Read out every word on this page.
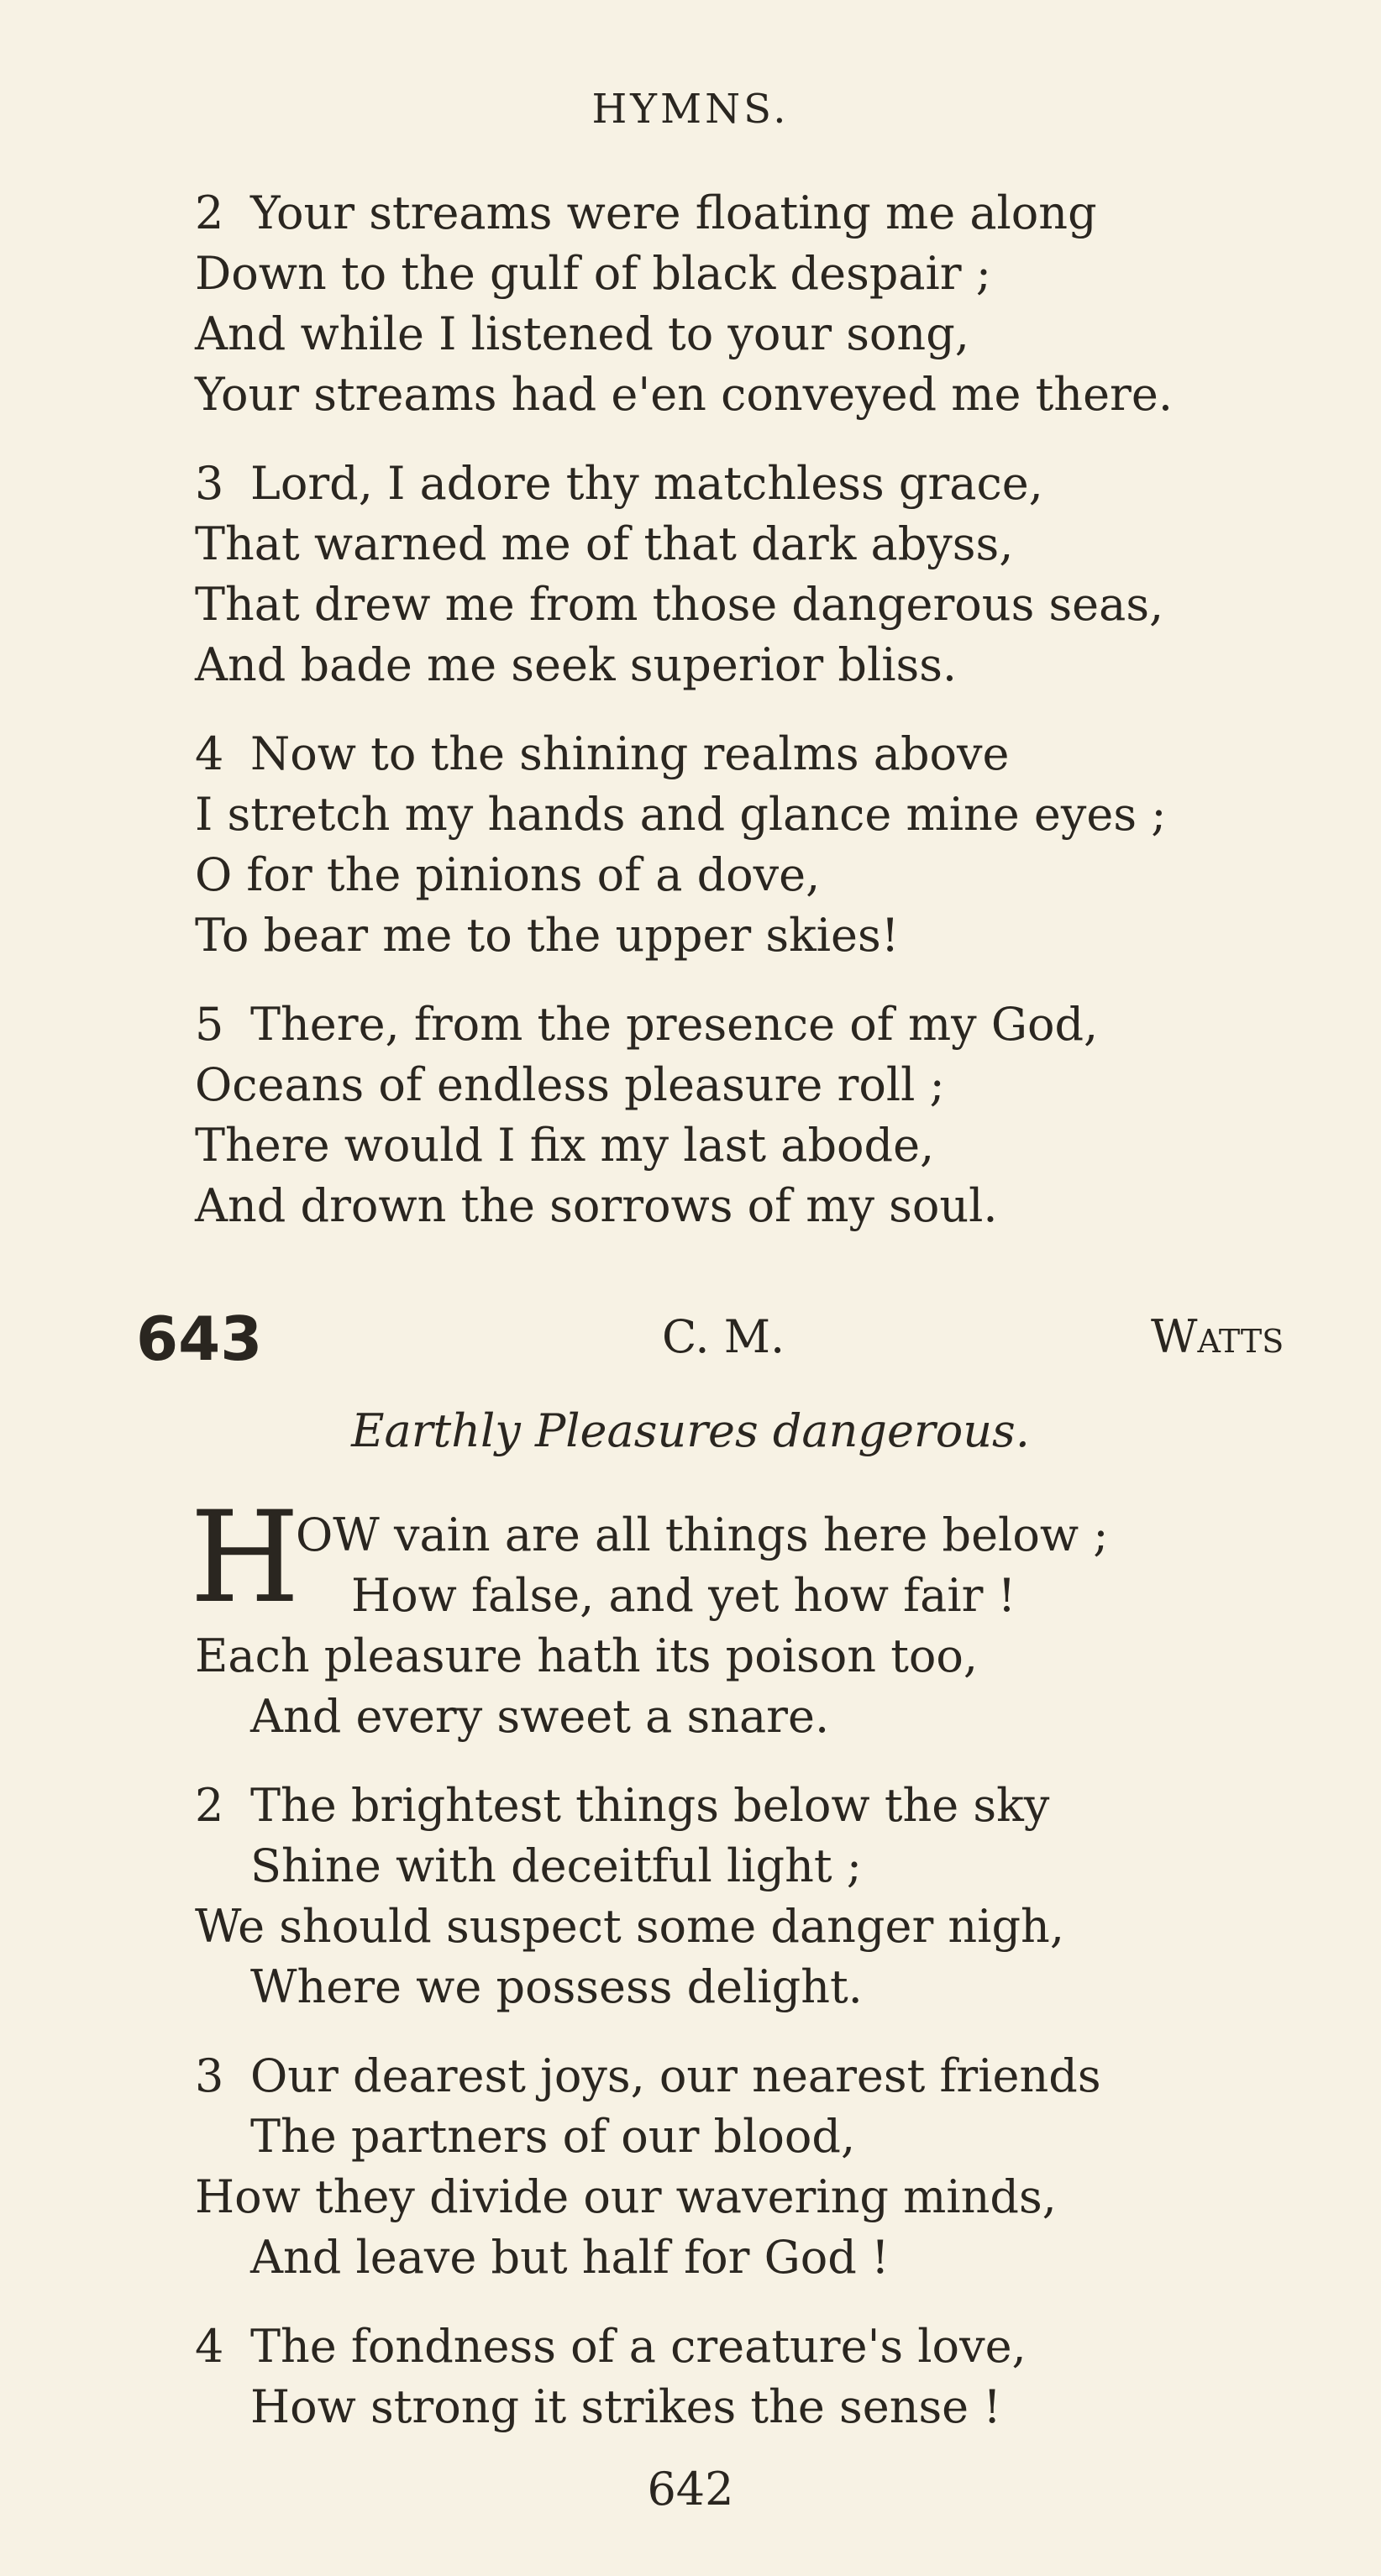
HYMNS.
2 Your streams were floating me along
Down to the gulf of black despair ;
And while I listened to your song,
Your streams had e'en conveyed me there.
3 Lord, I adore thy matchless grace,
That warned me of that dark abyss,
That drew me from those dangerous seas,
And bade me seek superior bliss.
4 Now to the shining realms above
I stretch my hands and glance mine eyes ;
O for the pinions of a dove,
To bear me to the upper skies!
5 There, from the presence of my God,
Oceans of endless pleasure roll ;
There would I fix my last abode,
And drown the sorrows of my soul.
643	C. M.	Watts
Earthly Pleasures dangerous.
H
OW vain are all things here below ;
How false, and yet how fair !
Each pleasure hath its poison too,
And every sweet a snare.
2 The brightest things below the sky
Shine with deceitful light ;
We should suspect some danger nigh,
Where we possess delight.
3 Our dearest joys, our nearest friends
The partners of our blood,
How they divide our wavering minds,
And leave but half for God !
4 The fondness of a creature's love,
How strong it strikes the sense !
642
